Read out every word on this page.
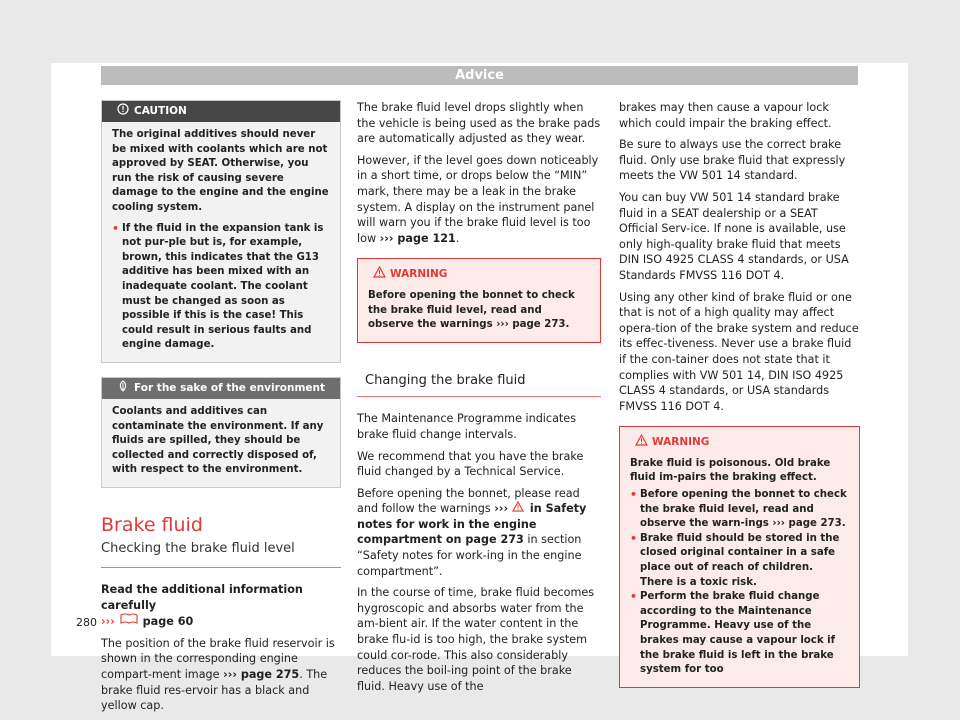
Advice
CAUTION

The original additives should never be mixed with coolants which are not approved by SEAT. Otherwise, you run the risk of causing severe damage to the engine and the engine cooling system.

• If the fluid in the expansion tank is not pur-ple but is, for example, brown, this indicates that the G13 additive has been mixed with an inadequate coolant. The coolant must be changed as soon as possible if this is the case! This could result in serious faults and engine damage.
For the sake of the environment
Coolants and additives can contaminate the environment. If any fluids are spilled, they should be collected and correctly disposed of, with respect to the environment.
Brake fluid
Checking the brake fluid level

Read the additional information carefully
››› page 60

The position of the brake fluid reservoir is shown in the corresponding engine compart-ment image ››› page 275. The brake fluid res-ervoir has a black and yellow cap.

The brake fluid level drops slightly when the vehicle is being used as the brake pads are automatically adjusted as they wear.

However, if the level goes down noticeably in a short time, or drops below the “MIN” mark, there may be a leak in the brake system. A display on the instrument panel will warn you if the brake fluid level is too low ››› page 121.

WARNING
Before opening the bonnet to check the brake fluid level, read and observe the warnings ››› page 273.
Changing the brake fluid

The Maintenance Programme indicates brake fluid change intervals.

We recommend that you have the brake fluid changed by a Technical Service.

Before opening the bonnet, please read and follow the warnings ›››  in Safety notes for work in the engine compartment on page 273 in section “Safety notes for work-ing in the engine compartment”.

In the course of time, brake fluid becomes hygroscopic and absorbs water from the am-bient air. If the water content in the brake flu-id is too high, the brake system could cor-rode. This also considerably reduces the boil-ing point of the brake fluid. Heavy use of the

brakes may then cause a vapour lock which could impair the braking effect.

Be sure to always use the correct brake fluid. Only use brake fluid that expressly meets the VW 501 14 standard.

You can buy VW 501 14 standard brake fluid in a SEAT dealership or a SEAT Official Serv-ice. If none is available, use only high-quality brake fluid that meets DIN ISO 4925 CLASS 4 standards, or USA Standards FMVSS 116 DOT 4.

Using any other kind of brake fluid or one that is not of a high quality may affect opera-tion of the brake system and reduce its effec-tiveness. Never use a brake fluid if the con-tainer does not state that it complies with VW 501 14, DIN ISO 4925 CLASS 4 standards, or USA standards FMVSS 116 DOT 4.

WARNING

Brake fluid is poisonous. Old brake fluid im-pairs the braking effect.

• Before opening the bonnet to check the brake fluid level, read and observe the warn-ings ››› page 273.
• Brake fluid should be stored in the closed original container in a safe place out of reach of children. There is a toxic risk.
• Perform the brake fluid change according to the Maintenance Programme. Heavy use of the brakes may cause a vapour lock if the brake fluid is left in the brake system for too
280
